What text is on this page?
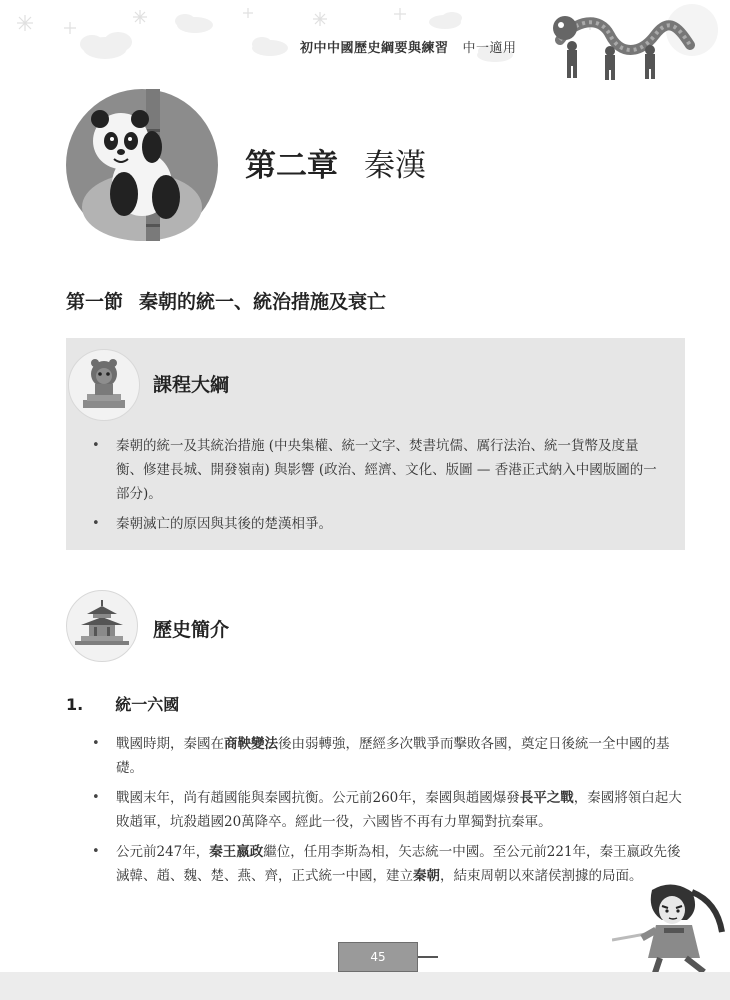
初中中國歷史綱要與練習 中一適用
第二章 秦漢
第一節 秦朝的統一、統治措施及衰亡
課程大綱
• 秦朝的統一及其統治措施 (中央集權、統一文字、焚書坑儒、厲行法治、統一貨幣及度量衡、修建長城、開發嶺南) 與影響 (政治、經濟、文化、版圖 — 香港正式納入中國版圖的一部分)。
• 秦朝滅亡的原因與其後的楚漢相爭。
歷史簡介
1. 統一六國
• 戰國時期，秦國在商鞅變法後由弱轉強，歷經多次戰爭而擊敗各國，奠定日後統一全中國的基礎。
• 戰國末年，尚有趙國能與秦國抗衡。公元前260年，秦國與趙國爆發長平之戰，秦國將領白起大敗趙軍，坑殺趙國20萬降卒。經此一役，六國皆不再有力單獨對抗秦軍。
• 公元前247年，秦王嬴政繼位，任用李斯為相，矢志統一中國。至公元前221年，秦王嬴政先後滅韓、趙、魏、楚、燕、齊，正式統一中國，建立秦朝，結束周朝以來諸侯割據的局面。
45
